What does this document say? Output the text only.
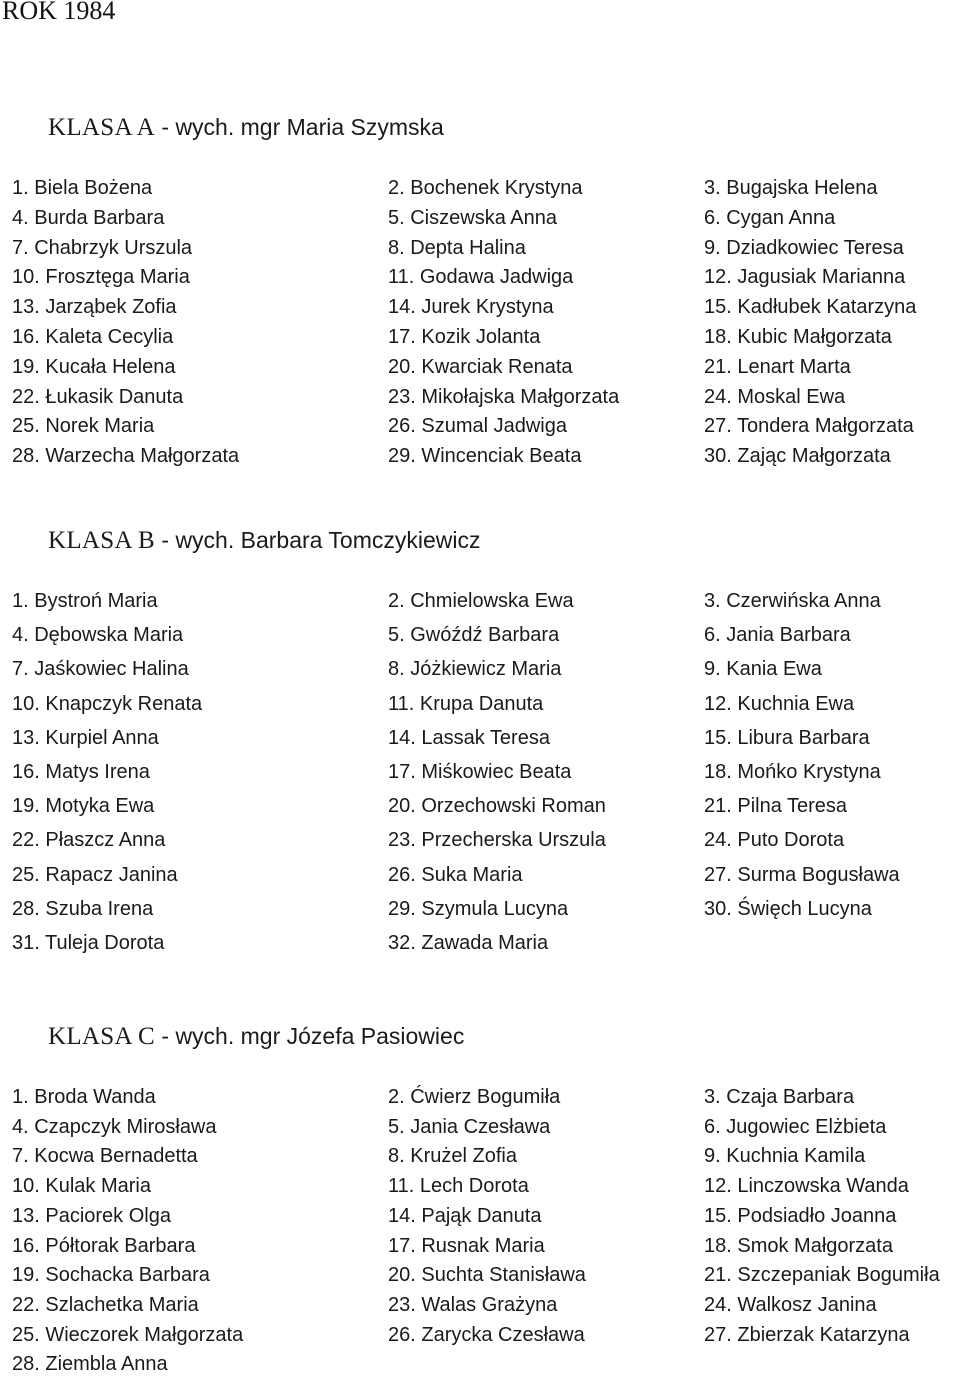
ROK 1984
KLASA A - wych. mgr Maria Szymska
1. Biela Bożena	2. Bochenek Krystyna	3. Bugajska Helena
4. Burda Barbara	5. Ciszewska Anna	6. Cygan Anna
7. Chabrzyk Urszula	8. Depta Halina	9. Dziadkowiec Teresa
10. Frosztęga Maria	11. Godawa Jadwiga	12. Jagusiak Marianna
13. Jarząbek Zofia	14. Jurek Krystyna	15. Kadłubek Katarzyna
16. Kaleta Cecylia	17. Kozik Jolanta	18. Kubic Małgorzata
19. Kucała Helena	20. Kwarciak Renata	21. Lenart Marta
22. Łukasik Danuta	23. Mikołajska Małgorzata	24. Moskal Ewa
25. Norek Maria	26. Szumal Jadwiga	27. Tondera Małgorzata
28. Warzecha Małgorzata	29. Wincenciak Beata	30. Zając Małgorzata
KLASA B - wych. Barbara Tomczykiewicz
1. Bystroń Maria	2. Chmielowska Ewa	3. Czerwińska Anna
4. Dębowska Maria	5. Gwóźdź Barbara	6. Jania Barbara
7. Jaśkowiec Halina	8. Jóżkiewicz Maria	9. Kania Ewa
10. Knapczyk Renata	11. Krupa Danuta	12. Kuchnia Ewa
13. Kurpiel Anna	14. Lassak Teresa	15. Libura Barbara
16. Matys Irena	17. Miśkowiec Beata	18. Mońko Krystyna
19. Motyka Ewa	20. Orzechowski Roman	21. Pilna Teresa
22. Płaszcz Anna	23. Przecherska Urszula	24. Puto Dorota
25. Rapacz Janina	26. Suka Maria	27. Surma Bogusława
28. Szuba Irena	29. Szymula Lucyna	30. Święch Lucyna
31. Tuleja Dorota	32. Zawada Maria
KLASA C - wych. mgr Józefa Pasiowiec
1. Broda Wanda	2. Ćwierz Bogumiła	3. Czaja Barbara
4. Czapczyk Mirosława	5. Jania Czesława	6. Jugowiec Elżbieta
7. Kocwa Bernadetta	8. Krużel Zofia	9. Kuchnia Kamila
10. Kulak Maria	11. Lech Dorota	12. Linczowska Wanda
13. Paciorek Olga	14. Pająk Danuta	15. Podsiadło Joanna
16. Półtorak Barbara	17. Rusnak Maria	18. Smok Małgorzata
19. Sochacka Barbara	20. Suchta Stanisława	21. Szczepaniak Bogumiła
22. Szlachetka Maria	23. Walas Grażyna	24. Walkosz Janina
25. Wieczorek Małgorzata	26. Zarycka Czesława	27. Zbierzak Katarzyna
28. Ziembla Anna
